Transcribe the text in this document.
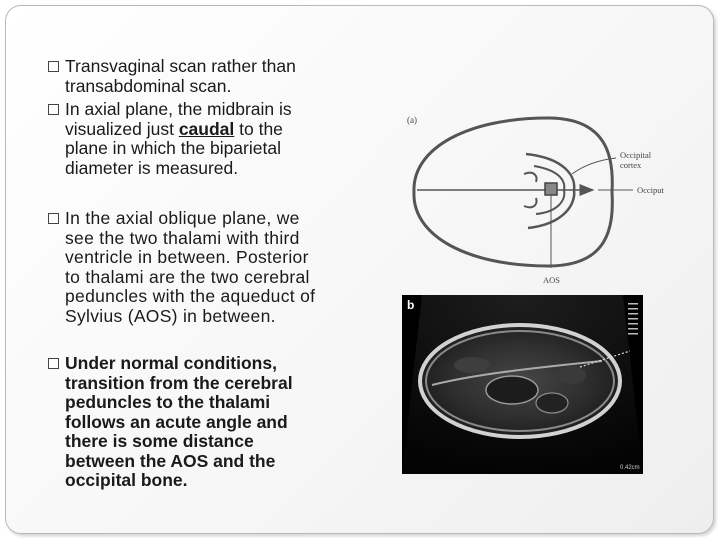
Transvaginal scan rather than
transabdominal scan.
In axial plane, the midbrain is
visualized just caudal to the
plane in which the biparietal
diameter is measured.
In the axial oblique plane, we
see the two thalami with third
ventricle in between. Posterior
to thalami are the two cerebral
peduncles with the aqueduct of
Sylvius (AOS) in between.
Under normal conditions,
transition from the cerebral
peduncles to the thalami
follows an acute angle and
there is some distance
between the AOS and the
occipital bone.
(a)
Occipital
cortex
Occiput
AOS
b
0.42cm
